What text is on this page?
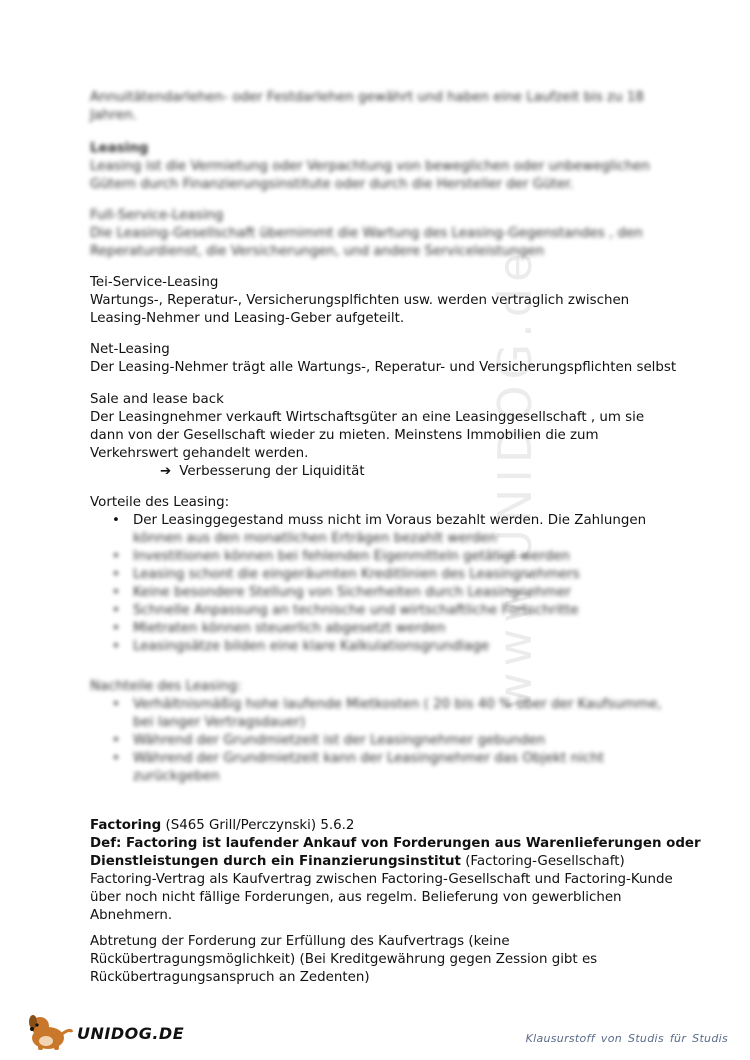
www.UNIDOG.de
Annuitätendarlehen- oder Festdarlehen gewährt und haben eine Laufzeit bis zu 18
Jahren.
Leasing
Leasing ist die Vermietung oder Verpachtung von beweglichen oder unbeweglichen
Gütern durch Finanzierungsinstitute oder durch die Hersteller der Güter.
Full-Service-Leasing
Die Leasing-Gesellschaft übernimmt die Wartung des Leasing-Gegenstandes , den
Reperaturdienst, die Versicherungen, und andere Serviceleistungen
Tei-Service-Leasing
Wartungs-, Reperatur-, Versicherungsplfichten usw. werden vertraglich zwischen
Leasing-Nehmer und Leasing-Geber aufgeteilt.
Net-Leasing
Der Leasing-Nehmer trägt alle Wartungs-, Reperatur- und Versicherungspflichten selbst
Sale and lease back
Der Leasingnehmer verkauft Wirtschaftsgüter an eine Leasinggesellschaft , um sie
dann von der Gesellschaft wieder zu mieten. Meinstens Immobilien die zum
Verkehrswert gehandelt werden.
➔ Verbesserung der Liquidität
Vorteile des Leasing:
• Der Leasinggegestand muss nicht im Voraus bezahlt werden. Die Zahlungen
können aus den monatlichen Erträgen bezahlt werden
• Investitionen können bei fehlenden Eigenmitteln getätigt werden
• Leasing schont die eingeräumten Kreditlinien des Leasingnehmers
• Keine besondere Stellung von Sicherheiten durch Leasingnehmer
• Schnelle Anpassung an technische und wirtschaftliche Fortschritte
• Mietraten können steuerlich abgesetzt werden
• Leasingsätze bilden eine klare Kalkulationsgrundlage
Nachteile des Leasing:
• Verhältnismäßig hohe laufende Mietkosten ( 20 bis 40 % über der Kaufsumme,
bei langer Vertragsdauer)
• Während der Grundmietzeit ist der Leasingnehmer gebunden
• Während der Grundmietzeit kann der Leasingnehmer das Objekt nicht
zurückgeben
Factoring (S465 Grill/Perczynski) 5.6.2
Def: Factoring ist laufender Ankauf von Forderungen aus Warenlieferungen oder
Dienstleistungen durch ein Finanzierungsinstitut (Factoring-Gesellschaft)
Factoring-Vertrag als Kaufvertrag zwischen Factoring-Gesellschaft und Factoring-Kunde
über noch nicht fällige Forderungen, aus regelm. Belieferung von gewerblichen
Abnehmern.
Abtretung der Forderung zur Erfüllung des Kaufvertrags (keine
Rückübertragungsmöglichkeit) (Bei Kreditgewährung gegen Zession gibt es
Rückübertragungsanspruch an Zedenten)
UNIDOG.DE	Klausurstoff von Studis für Studis
